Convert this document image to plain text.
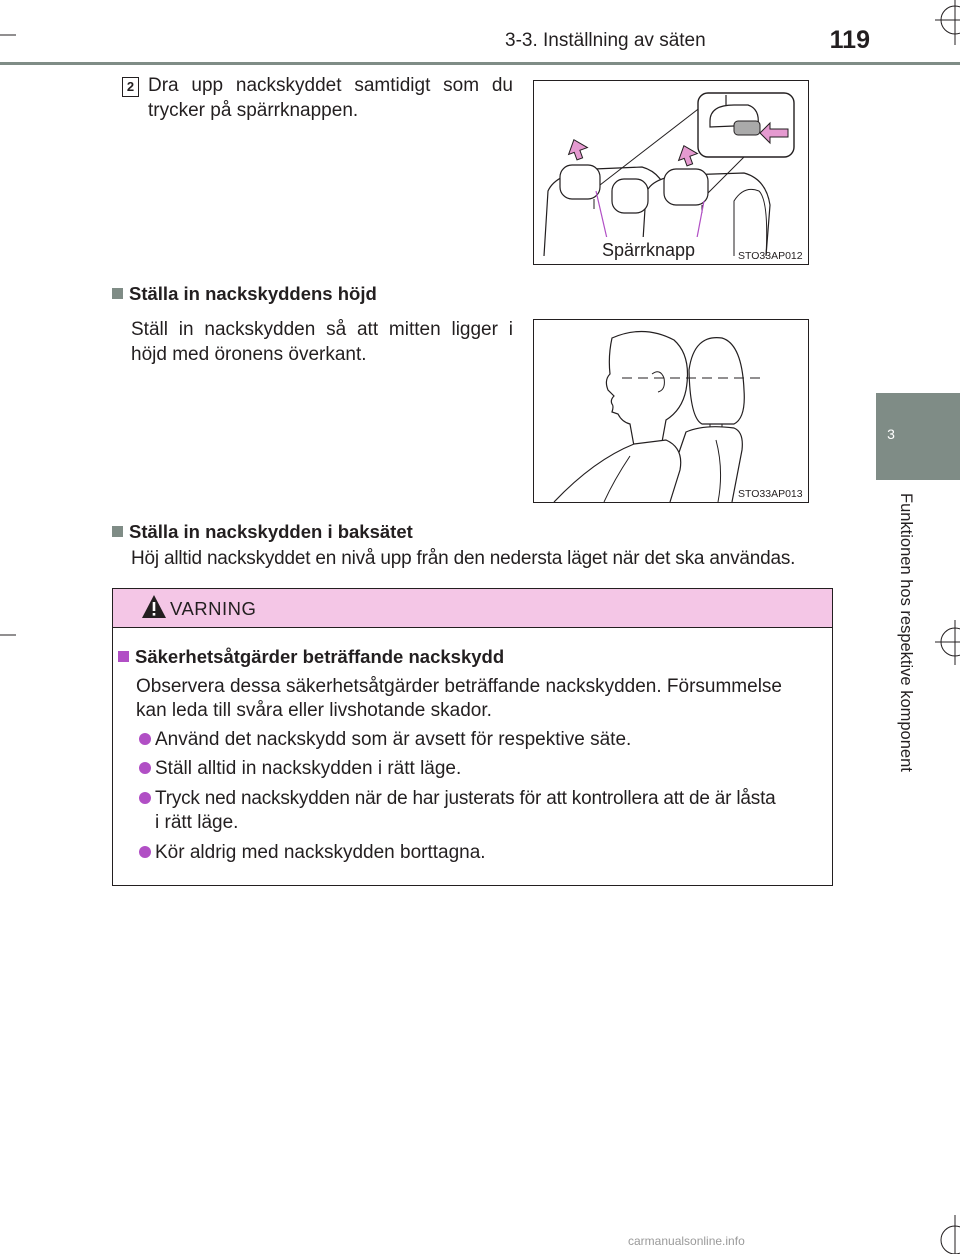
3-3. Inställning av säten	119
3
Funktionen hos respektive komponent
2 Dra upp nackskyddet samtidigt som du
trycker på spärrknappen.
Spärrknapp	STO33AP012
Ställa in nackskyddens höjd
Ställ in nackskydden så att mitten ligger i
höjd med öronens överkant.
STO33AP013
Ställa in nackskydden i baksätet
Höj alltid nackskyddet en nivå upp från den nedersta läget när det ska användas.
VARNING
Säkerhetsåtgärder beträffande nackskydd
Observera dessa säkerhetsåtgärder beträffande nackskydden. Försummelse
kan leda till svåra eller livshotande skador.
Använd det nackskydd som är avsett för respektive säte.
Ställ alltid in nackskydden i rätt läge.
Tryck ned nackskydden när de har justerats för att kontrollera att de är låsta
i rätt läge.
Kör aldrig med nackskydden borttagna.
carmanualsonline.info
